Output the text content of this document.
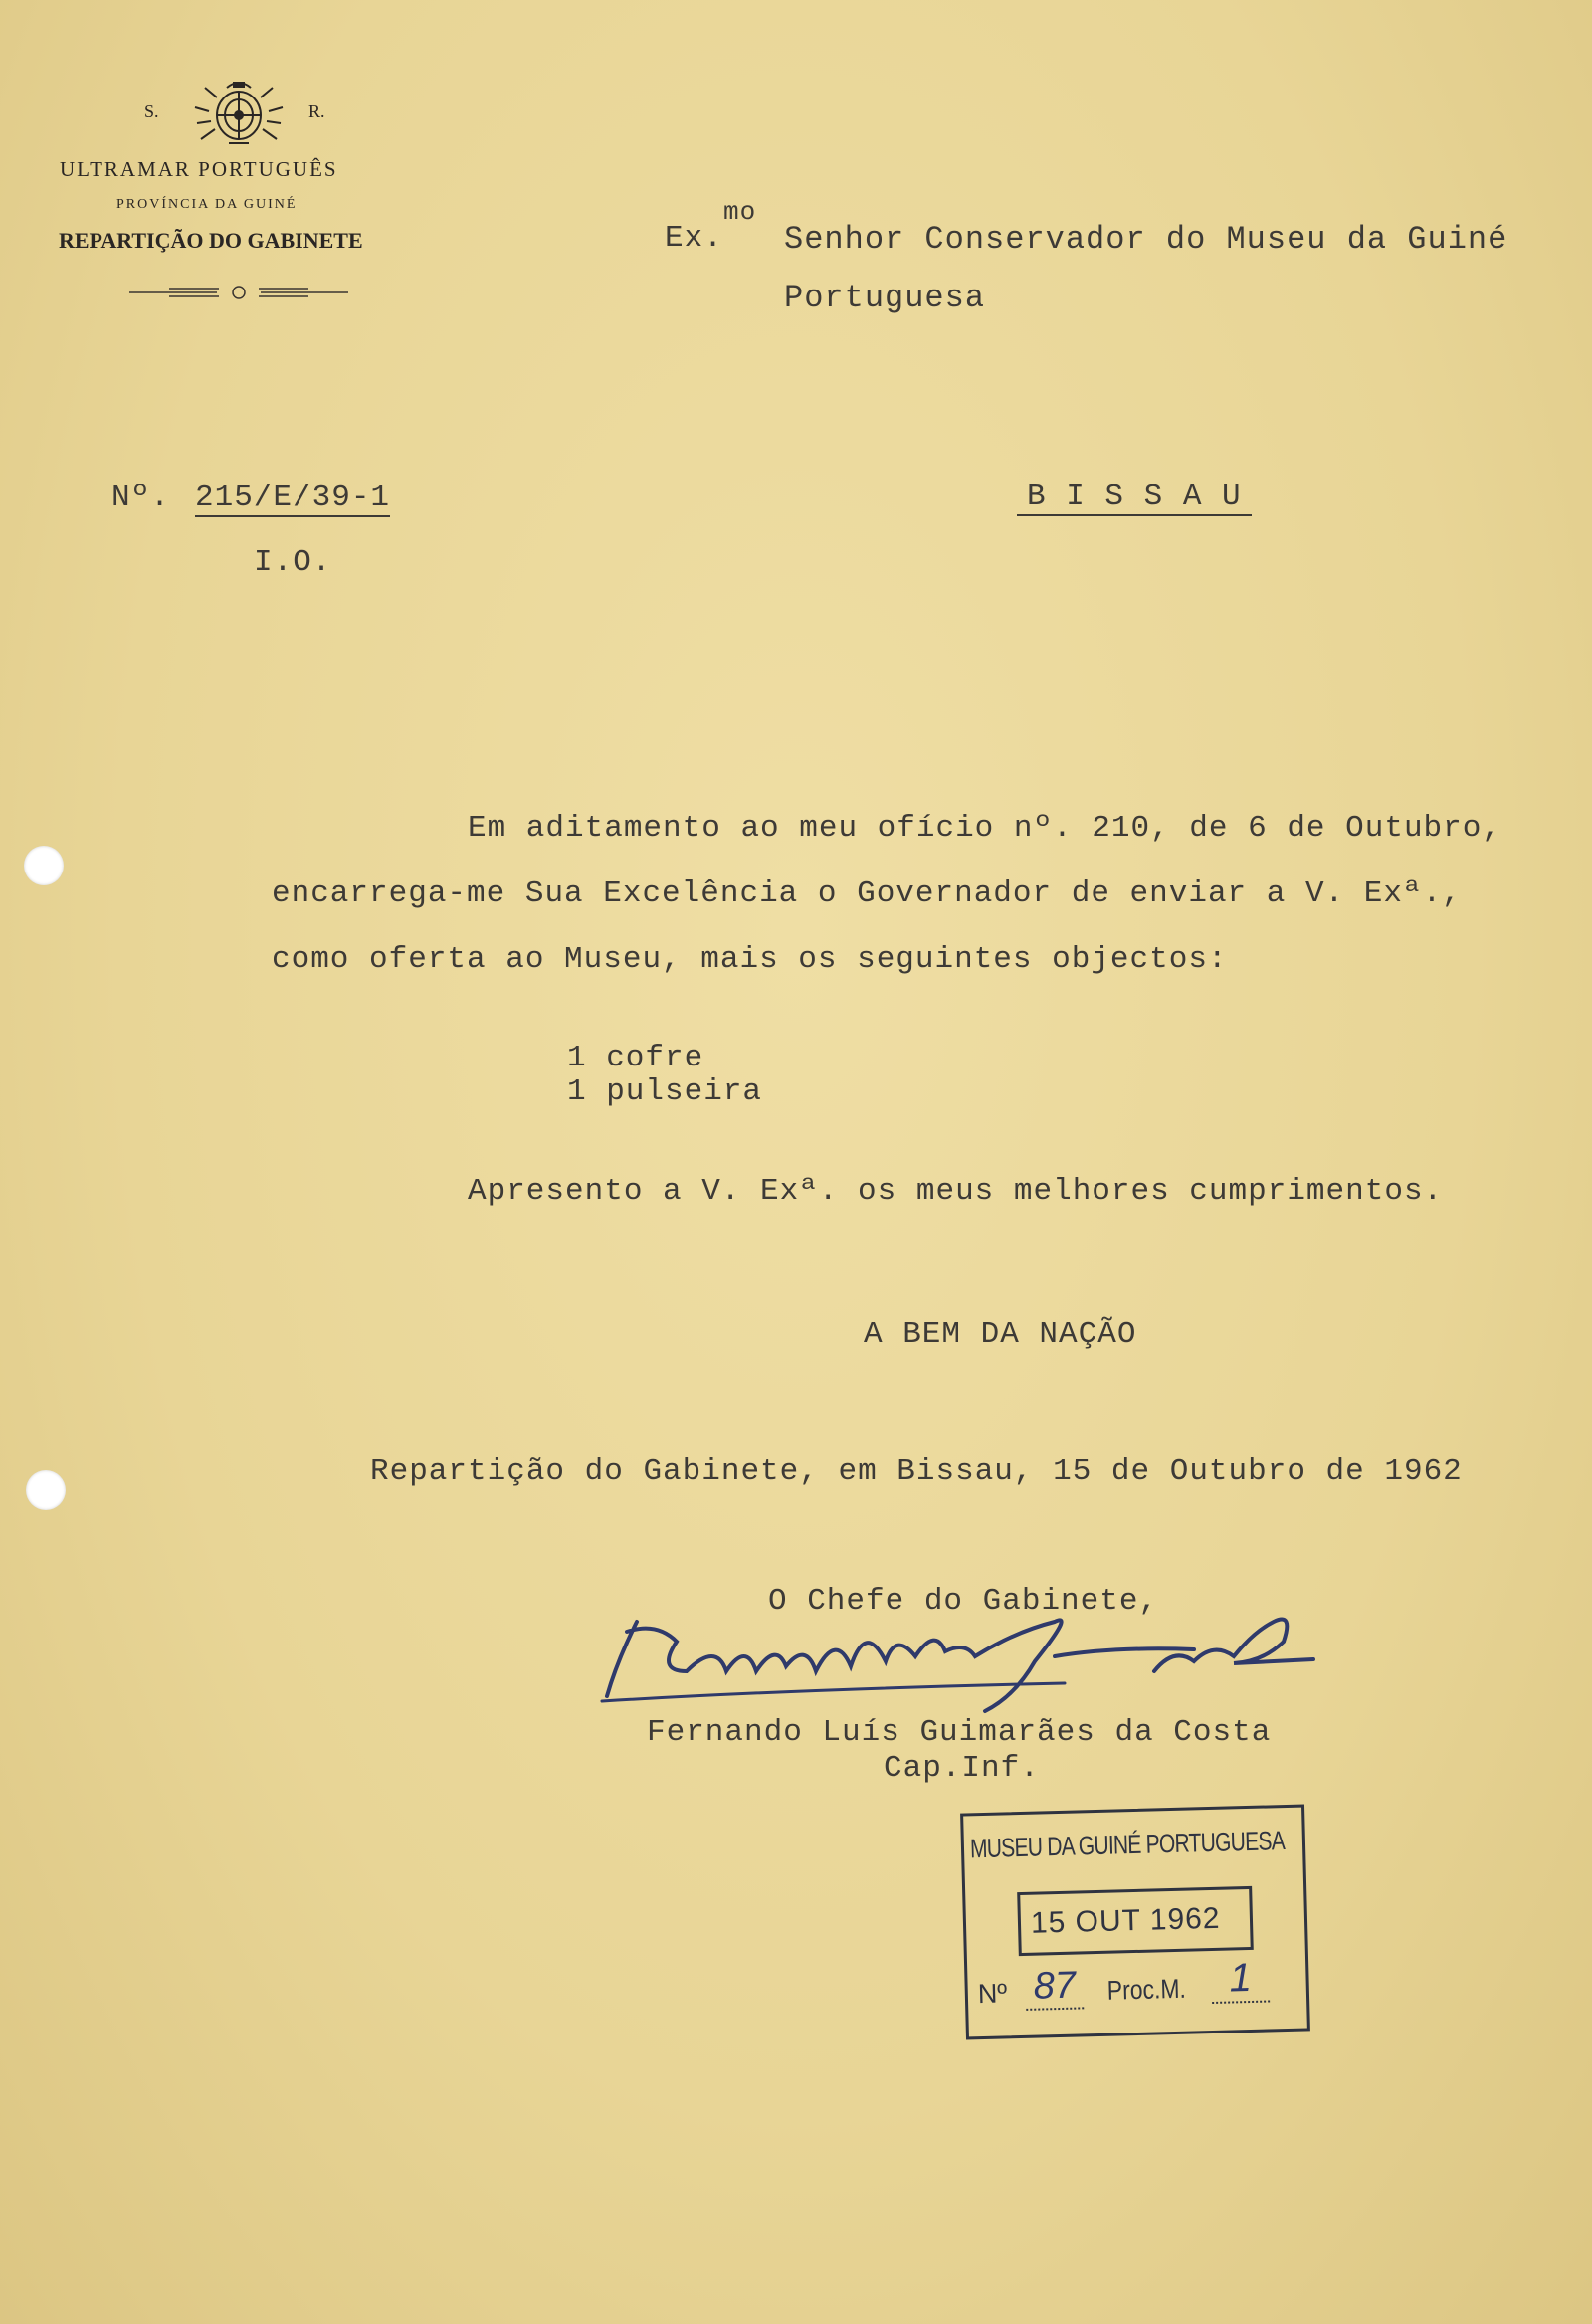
S.	R.
ULTRAMAR PORTUGUÊS
PROVÍNCIA DA GUINÉ
REPARTIÇÃO DO GABINETE	Ex.
mo
Senhor Conservador do Museu da Guiné
Portuguesa
Nº. 215/E/39-1
I.O.
B I S S A U
Em aditamento ao meu ofício nº. 210, de 6 de Outubro,
encarrega-me Sua Excelência o Governador de enviar a V. Exª.,
como oferta ao Museu, mais os seguintes objectos:
1 cofre
1 pulseira
Apresento a V. Exª. os meus melhores cumprimentos.
A BEM DA NAÇÃO
Repartição do Gabinete, em Bissau, 15 de Outubro de 1962
O Chefe do Gabinete,
Fernando Luís Guimarães da Costa
Cap.Inf.
MUSEU DA GUINÉ PORTUGUESA
15 OUT 1962
Nº 87 Proc.M.	1
